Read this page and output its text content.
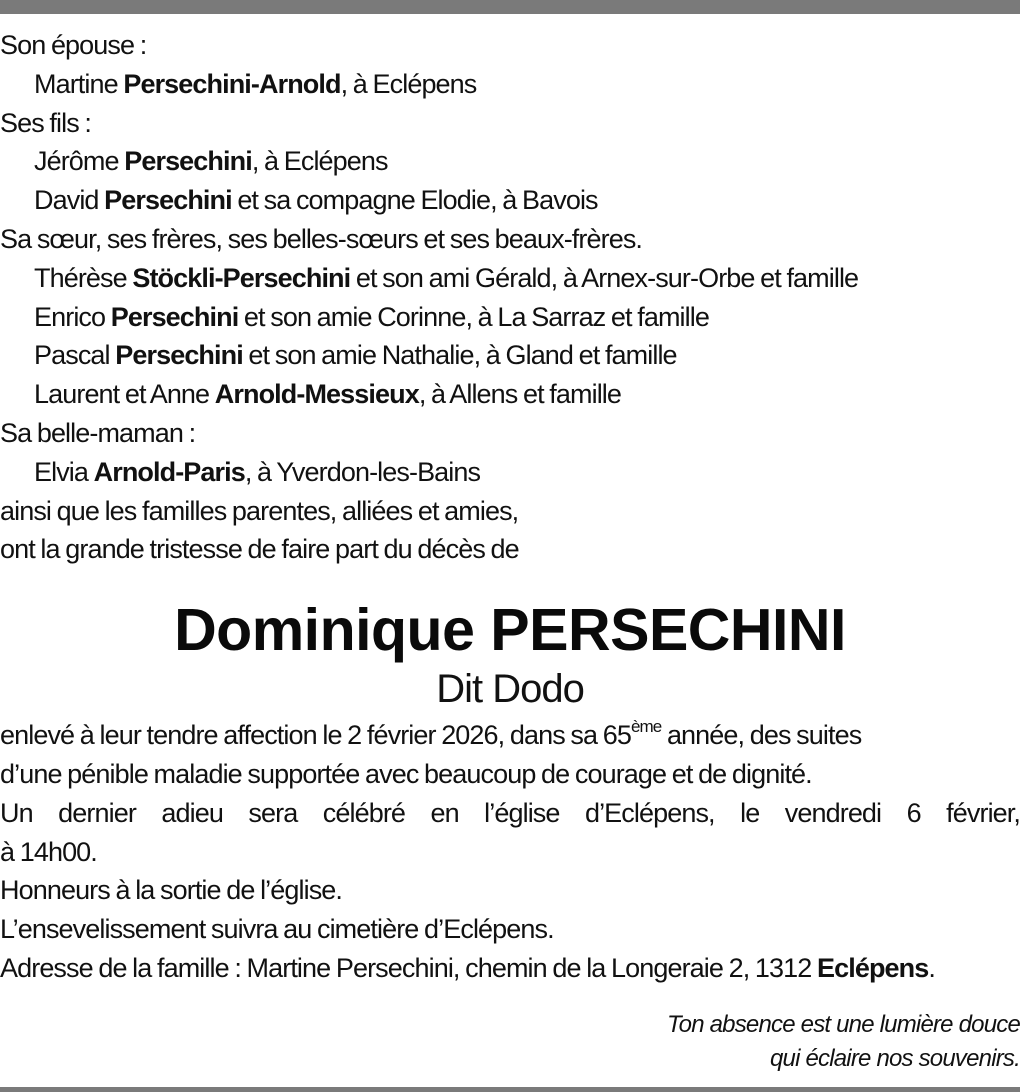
Son épouse :
Martine Persechini-Arnold, à Eclépens
Ses fils :
Jérôme Persechini, à Eclépens
David Persechini et sa compagne Elodie, à Bavois
Sa sœur, ses frères, ses belles-sœurs et ses beaux-frères.
Thérèse Stöckli-Persechini et son ami Gérald, à Arnex-sur-Orbe et famille
Enrico Persechini et son amie Corinne, à La Sarraz et famille
Pascal Persechini et son amie Nathalie, à Gland et famille
Laurent et Anne Arnold-Messieux, à Allens et famille
Sa belle-maman :
Elvia Arnold-Paris, à Yverdon-les-Bains
ainsi que les familles parentes, alliées et amies,
ont la grande tristesse de faire part du décès de
Dominique PERSECHINI
Dit Dodo
enlevé à leur tendre affection le 2 février 2026, dans sa 65ème année, des suites
d’une pénible maladie supportée avec beaucoup de courage et de dignité.
Un dernier adieu sera célébré en l’église d’Eclépens, le vendredi 6 février,
à 14h00.
Honneurs à la sortie de l’église.
L’ensevelissement suivra au cimetière d’Eclépens.
Adresse de la famille : Martine Persechini, chemin de la Longeraie 2, 1312 Eclépens.
Ton absence est une lumière douce
qui éclaire nos souvenirs.
